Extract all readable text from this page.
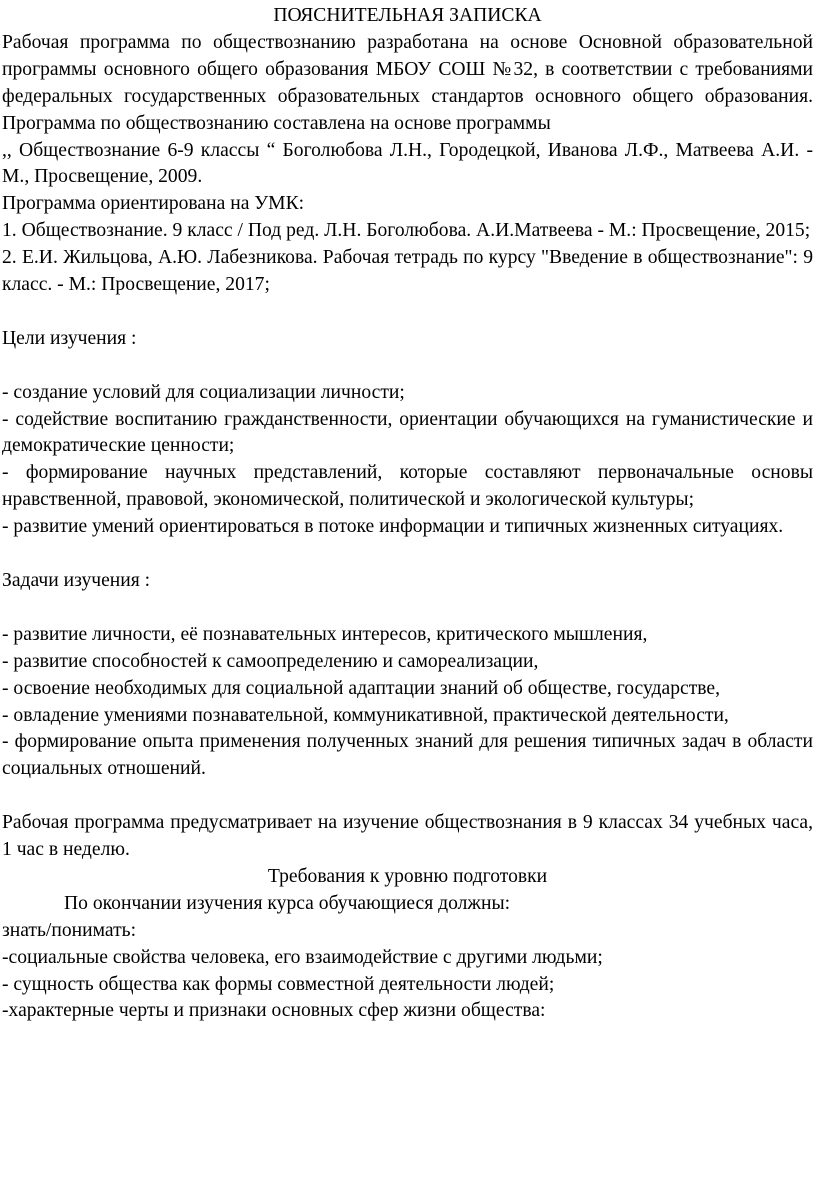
ПОЯСНИТЕЛЬНАЯ ЗАПИСКА

Рабочая программа по обществознанию разработана на основе Основной образовательной программы основного общего образования МБОУ СОШ №32, в соответствии с требованиями федеральных государственных образовательных стандартов основного общего образования. Программа по обществознанию составлена на основе программы

,, Обществознание 6-9 классы “ Боголюбова Л.Н., Городецкой, Иванова Л.Ф., Матвеева А.И. - М., Просвещение, 2009.

Программа ориентирована на УМК:

1. Обществознание. 9 класс / Под ред. Л.Н. Боголюбова. А.И.Матвеева - М.: Просвещение, 2015;

2. Е.И. Жильцова, А.Ю. Лабезникова. Рабочая тетрадь по курсу "Введение в обществознание": 9 класс. - М.: Просвещение, 2017;

Цели изучения :

- создание условий для социализации личности;

- содействие воспитанию гражданственности, ориентации обучающихся на гуманистические и демократические ценности;

- формирование научных представлений, которые составляют первоначальные основы нравственной, правовой, экономической, политической и экологической культуры;

- развитие умений ориентироваться в потоке информации и типичных жизненных ситуациях.

Задачи изучения :

- развитие личности, её познавательных интересов, критического мышления,

- развитие способностей к самоопределению и самореализации,

- освоение необходимых для социальной адаптации знаний об обществе, государстве,

- овладение умениями познавательной, коммуникативной, практической деятельности,

- формирование опыта применения полученных знаний для решения типичных задач в области социальных отношений.

Рабочая программа предусматривает на изучение обществознания в 9 классах 34 учебных часа, 1 час в неделю.

Требования к уровню подготовки

По окончании изучения курса обучающиеся должны:

знать/понимать:

-социальные свойства человека, его взаимодействие с другими людьми;

- сущность общества как формы совместной деятельности людей;

-характерные черты и признаки основных сфер жизни общества:
